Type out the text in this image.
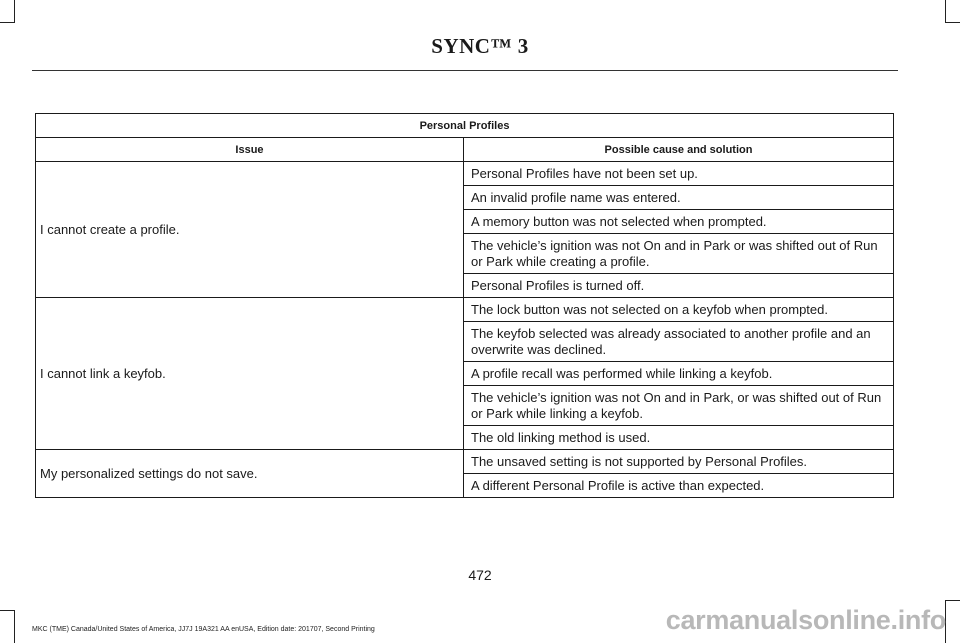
SYNC™ 3
Personal Profiles	
Issue	Possible cause and solution
I cannot create a profile.	Personal Profiles have not been set up.
	An invalid profile name was entered.
	A memory button was not selected when prompted.
	The vehicle’s ignition was not On and in Park or was shifted out of Run or Park while creating a profile.
	Personal Profiles is turned off.
I cannot link a keyfob.	The lock button was not selected on a keyfob when prompted.
	The keyfob selected was already associated to another profile and an overwrite was declined.
	A profile recall was performed while linking a keyfob.
	The vehicle’s ignition was not On and in Park, or was shifted out of Run or Park while linking a keyfob.
	The old linking method is used.
My personalized settings do not save.	The unsaved setting is not supported by Personal Profiles.
	A different Personal Profile is active than expected.
472
MKC (TME) Canada/United States of America, JJ7J 19A321 AA enUSA, Edition date: 201707, Second Printing	carmanualsonline.info
